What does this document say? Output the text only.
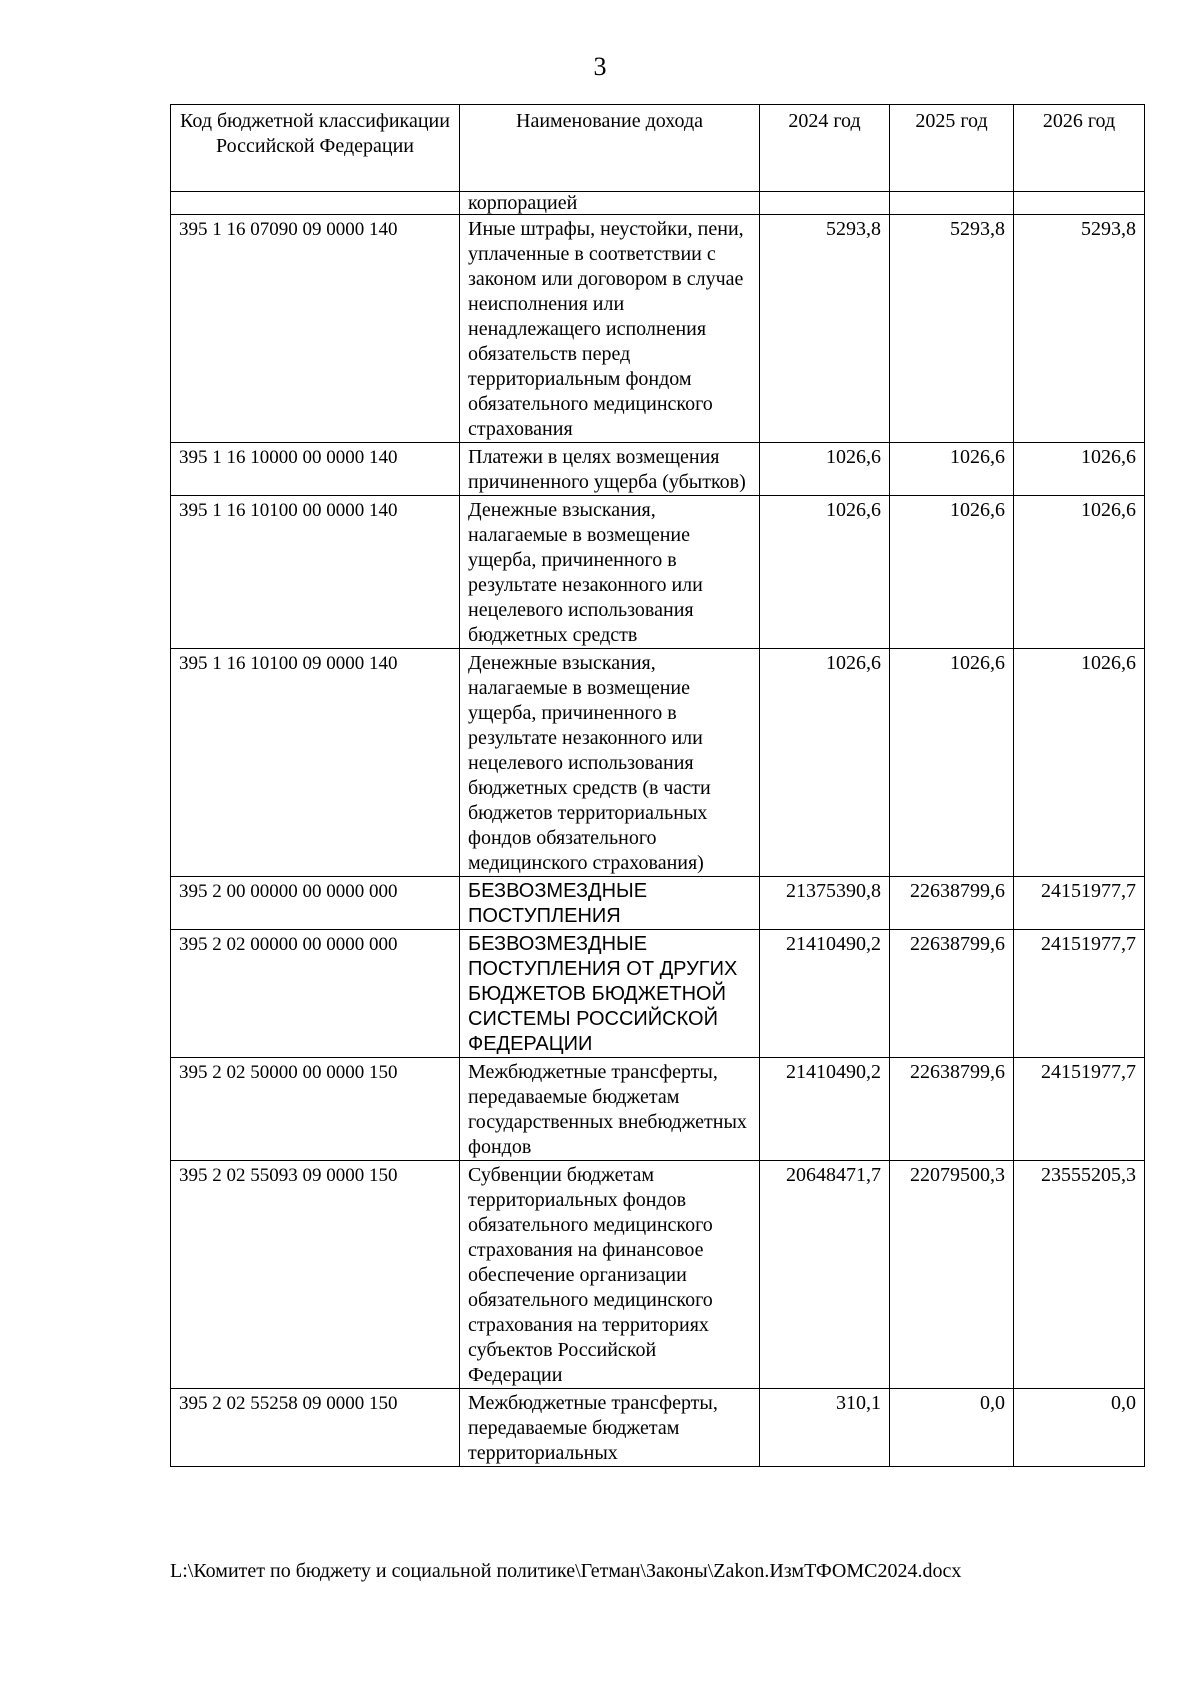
3
Код бюджетной классификации Российской Федерации	Наименование дохода	2024 год	2025 год	2026 год
	корпорацией			
395 1 16 07090 09 0000 140	Иные штрафы, неустойки, пени, уплаченные в соответствии с законом или договором в случае неисполнения или ненадлежащего исполнения обязательств перед территориальным фондом обязательного медицинского страхования	5293,8	5293,8	5293,8
395 1 16 10000 00 0000 140	Платежи в целях возмещения причиненного ущерба (убытков)	1026,6	1026,6	1026,6
395 1 16 10100 00 0000 140	Денежные взыскания, налагаемые в возмещение ущерба, причиненного в результате незаконного или нецелевого использования бюджетных средств	1026,6	1026,6	1026,6
395 1 16 10100 09 0000 140	Денежные взыскания, налагаемые в возмещение ущерба, причиненного в результате незаконного или нецелевого использования бюджетных средств (в части бюджетов территориальных фондов обязательного медицинского страхования)	1026,6	1026,6	1026,6
395 2 00 00000 00 0000 000	БЕЗВОЗМЕЗДНЫЕ ПОСТУПЛЕНИЯ	21375390,8	22638799,6	24151977,7
395 2 02 00000 00 0000 000	БЕЗВОЗМЕЗДНЫЕ ПОСТУПЛЕНИЯ ОТ ДРУГИХ БЮДЖЕТОВ БЮДЖЕТНОЙ СИСТЕМЫ РОССИЙСКОЙ ФЕДЕРАЦИИ	21410490,2	22638799,6	24151977,7
395 2 02 50000 00 0000 150	Межбюджетные трансферты, передаваемые бюджетам государственных внебюджетных фондов	21410490,2	22638799,6	24151977,7
395 2 02 55093 09 0000 150	Субвенции бюджетам территориальных фондов обязательного медицинского страхования на финансовое обеспечение организации обязательного медицинского страхования на территориях субъектов Российской Федерации	20648471,7	22079500,3	23555205,3
395 2 02 55258 09 0000 150	Межбюджетные трансферты, передаваемые бюджетам территориальных	310,1	0,0	0,0
L:\Комитет по бюджету и социальной политике\Гетман\Законы\Zakon.ИзмТФОМС2024.docx
